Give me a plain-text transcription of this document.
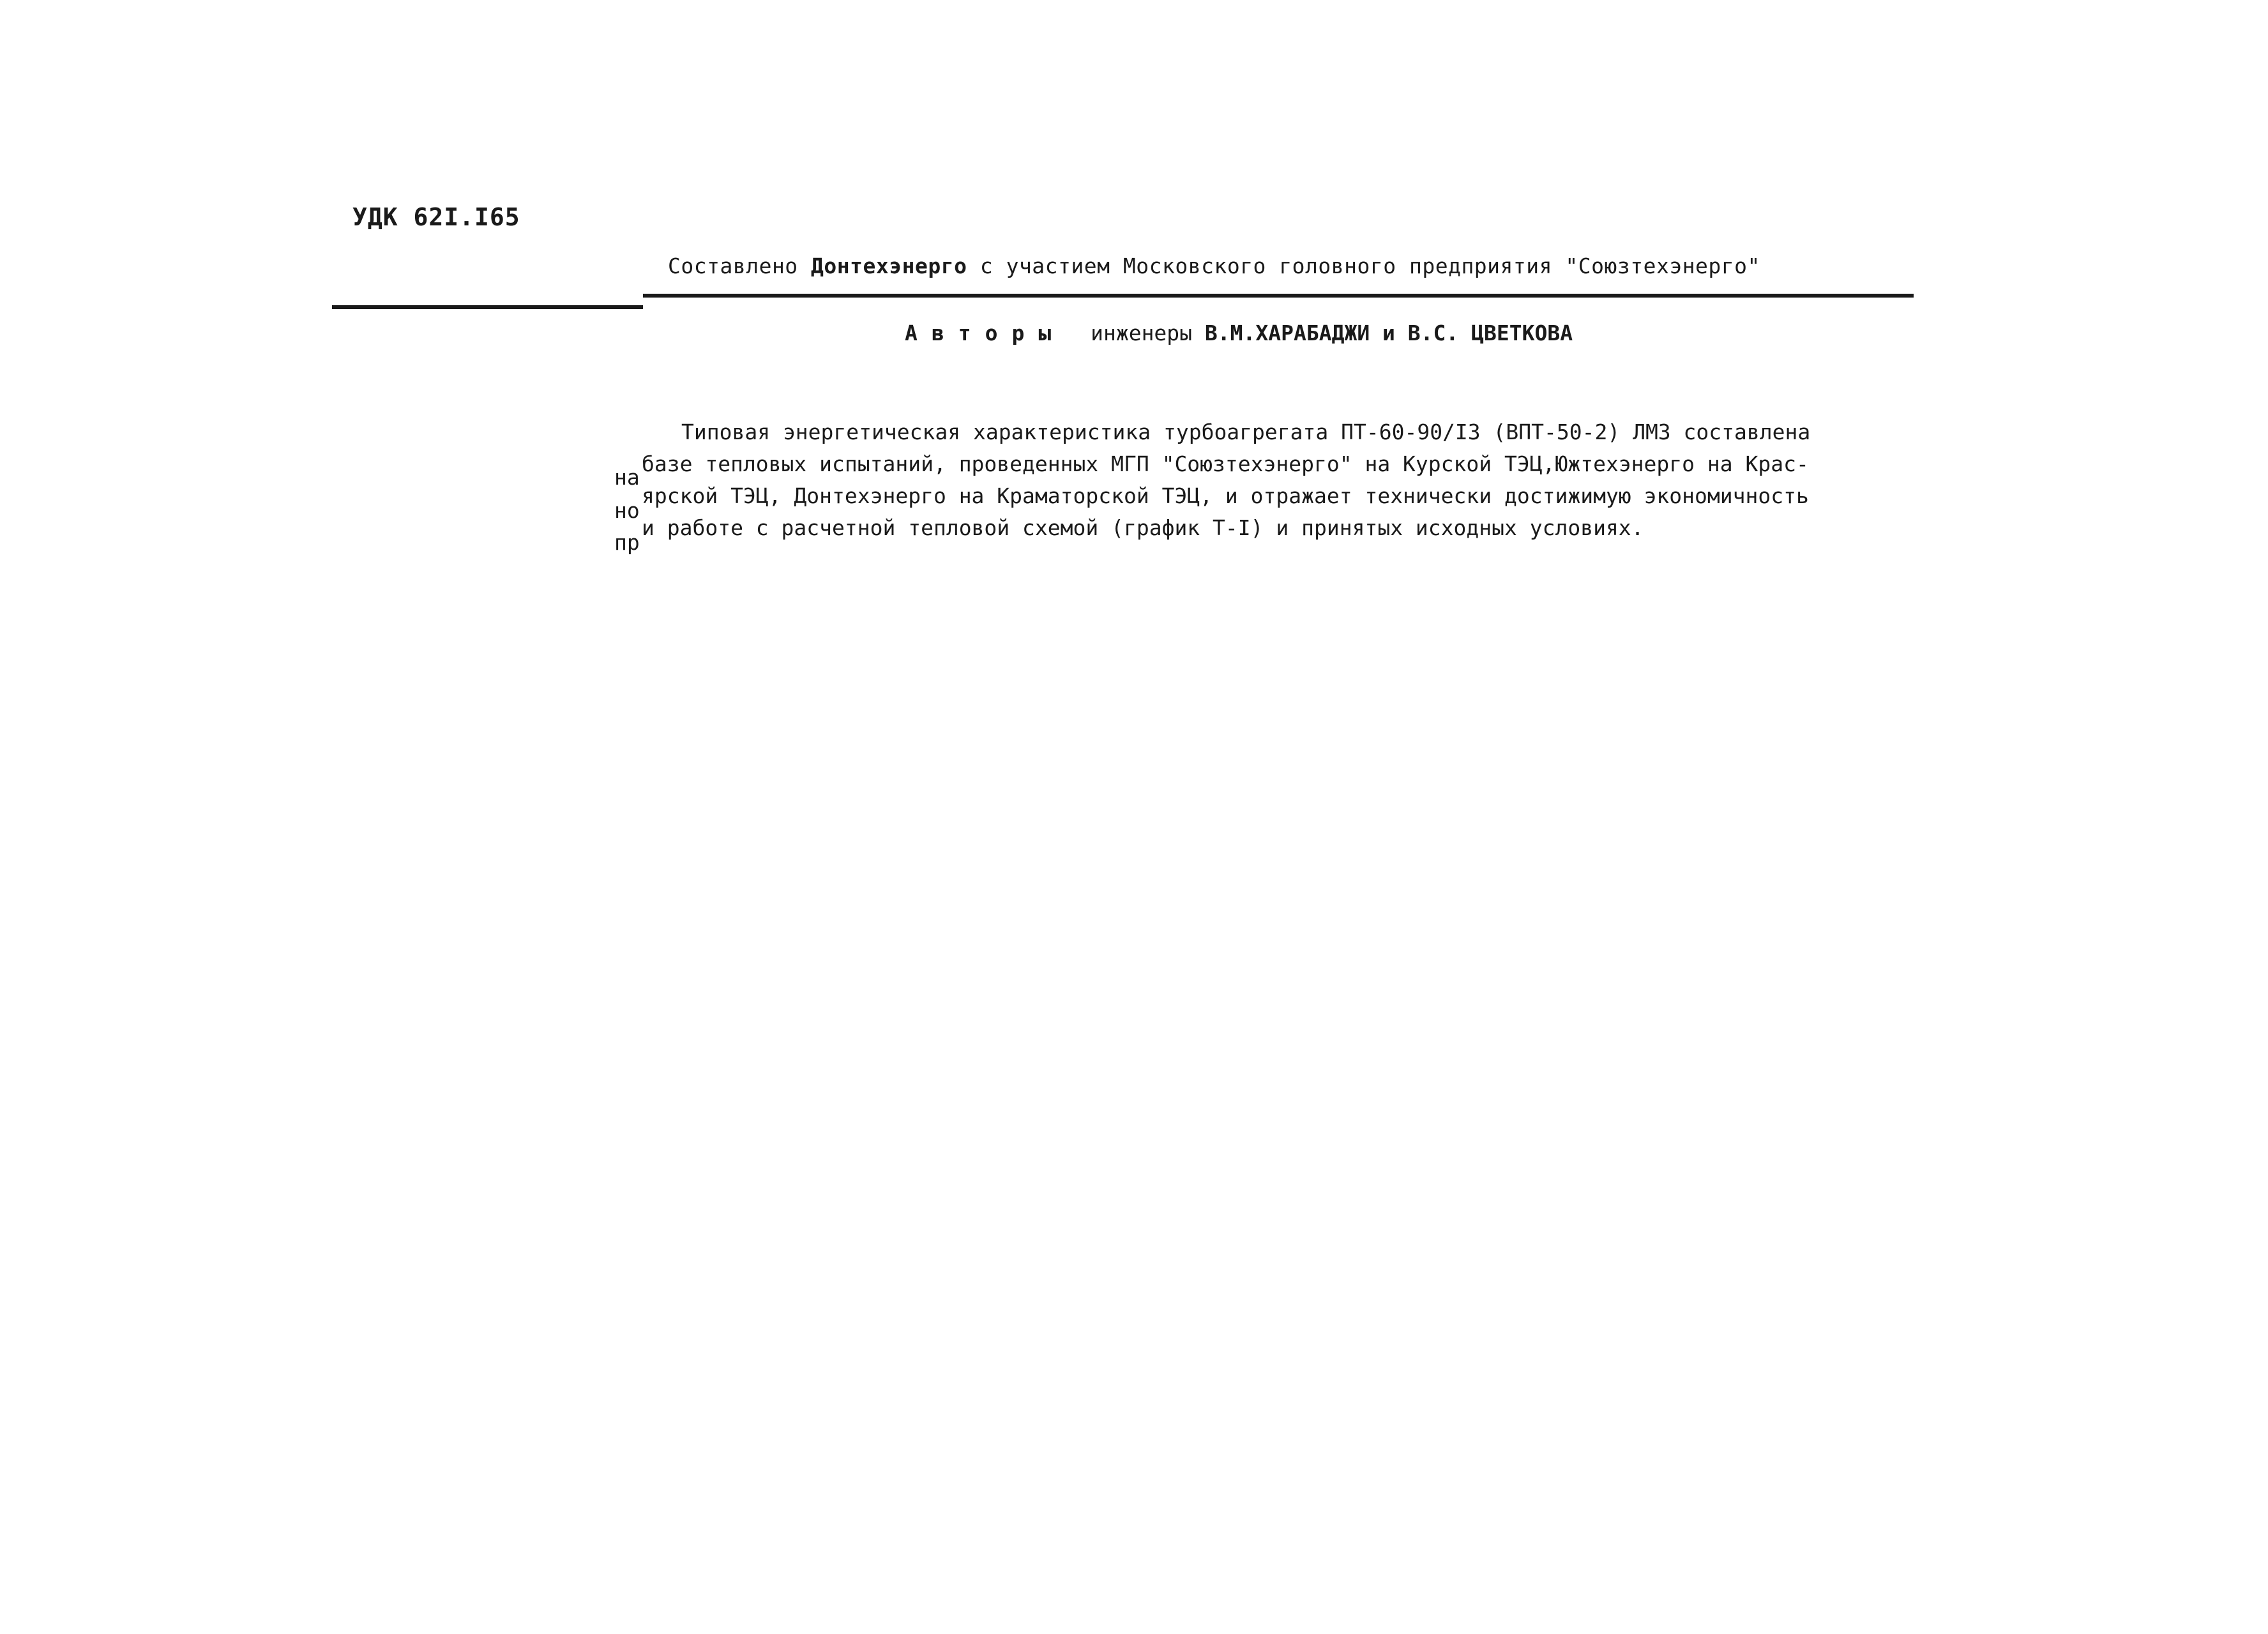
УДК 62I.I65
Составлено Донтехэнерго с участием Московского головного предприятия "Союзтехэнерго"
Авторы инженеры В.М.ХАРАБАДЖИ и В.С. ЦВЕТКОВА
Типовая энергетическая характеристика турбоагрегата ПТ-60-90/I3 (ВПТ-50-2) ЛМЗ составлена
базе тепловых испытаний, проведенных МГП "Союзтехэнерго" на Курской ТЭЦ,Южтехэнерго на Крас-
ярской ТЭЦ, Донтехэнерго на Краматорской ТЭЦ, и отражает технически достижимую экономичность
и работе с расчетной тепловой схемой (график Т-I) и принятых исходных условиях.
на
но
пр
